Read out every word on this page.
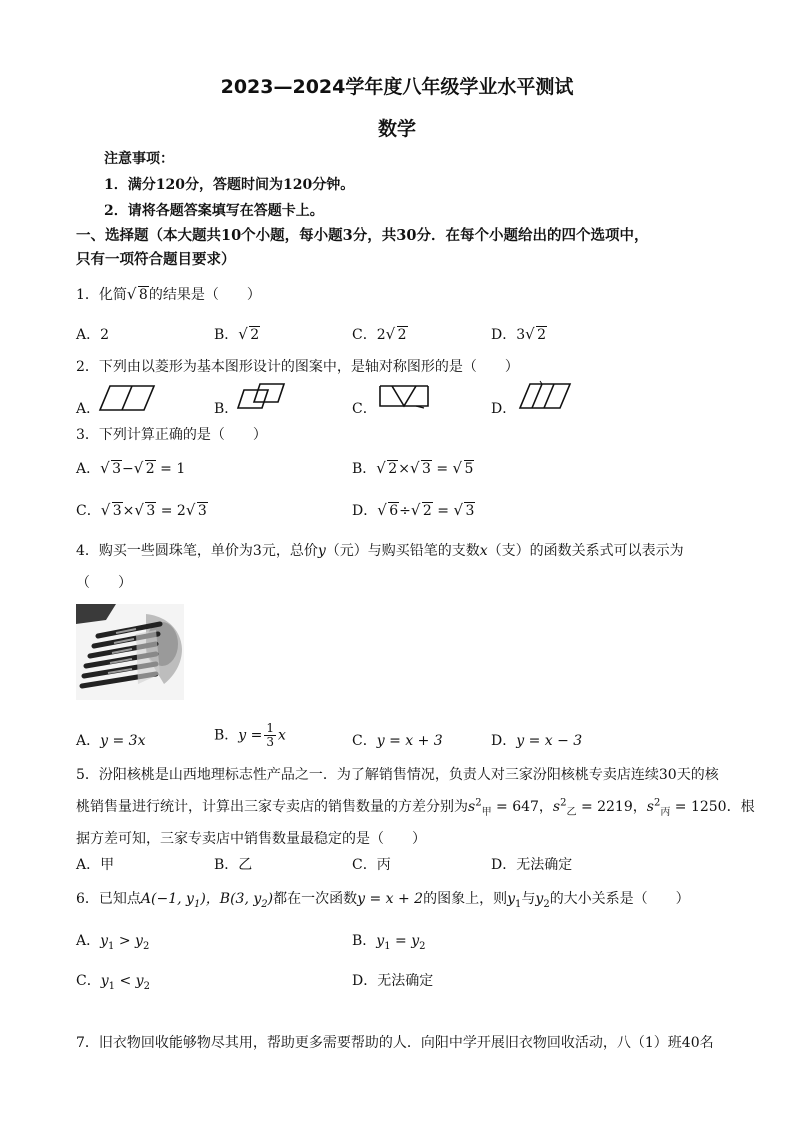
2023—2024学年度八年级学业水平测试
数学
注意事项：
1．满分120分，答题时间为120分钟。
2．请将各题答案填写在答题卡上。
一、选择题（本大题共10个小题，每小题3分，共30分．在每个小题给出的四个选项中，
只有一项符合题目要求）
1．化简 √ 8的结果是（　　）
A．2	B． √ 2	C．2 √ 2	D．3 √ 2
2．下列由以菱形为基本图形设计的图案中，是轴对称图形的是（　　）
A．	B．	C．	D．
3．下列计算正确的是（　　）
A． √ 3− √ 2 = 1	B． √ 2× √ 3 = √ 5
C． √ 3× √ 3 = 2 √ 3	D． √ 6÷ √ 2 = √ 3
4．购买一些圆珠笔，单价为3元，总价y（元）与购买铅笔的支数x（支）的函数关系式可以表示为
（　　）
A．y = 3x	B．$y = \frac{1}{3}$ x	C．y = x + 3	D．y = x − 3
5．汾阳核桃是山西地理标志性产品之一．为了解销售情况，负责人对三家汾阳核桃专卖店连续30天的核
桃销售量进行统计，计算出三家专卖店的销售数量的方差分别为$s^2_甲 = 647$，$s^2_乙 = 2219$，$s^2_丙 = 1250$．根
据方差可知，三家专卖店中销售数量最稳定的是（　　）
A．甲	B．乙	C．丙	D．无法确定
6．已知点A(−1, $y_1$)，B(3, $y_2$)都在一次函数y = x + 2的图象上，则$y_1$与$y_2$的大小关系是（　　）
A．$y_1 > y_2$	B．$y_1 = y_2$
C．$y_1 < y_2$	D．无法确定
7．旧衣物回收能够物尽其用，帮助更多需要帮助的人．向阳中学开展旧衣物回收活动，八（1）班40名
